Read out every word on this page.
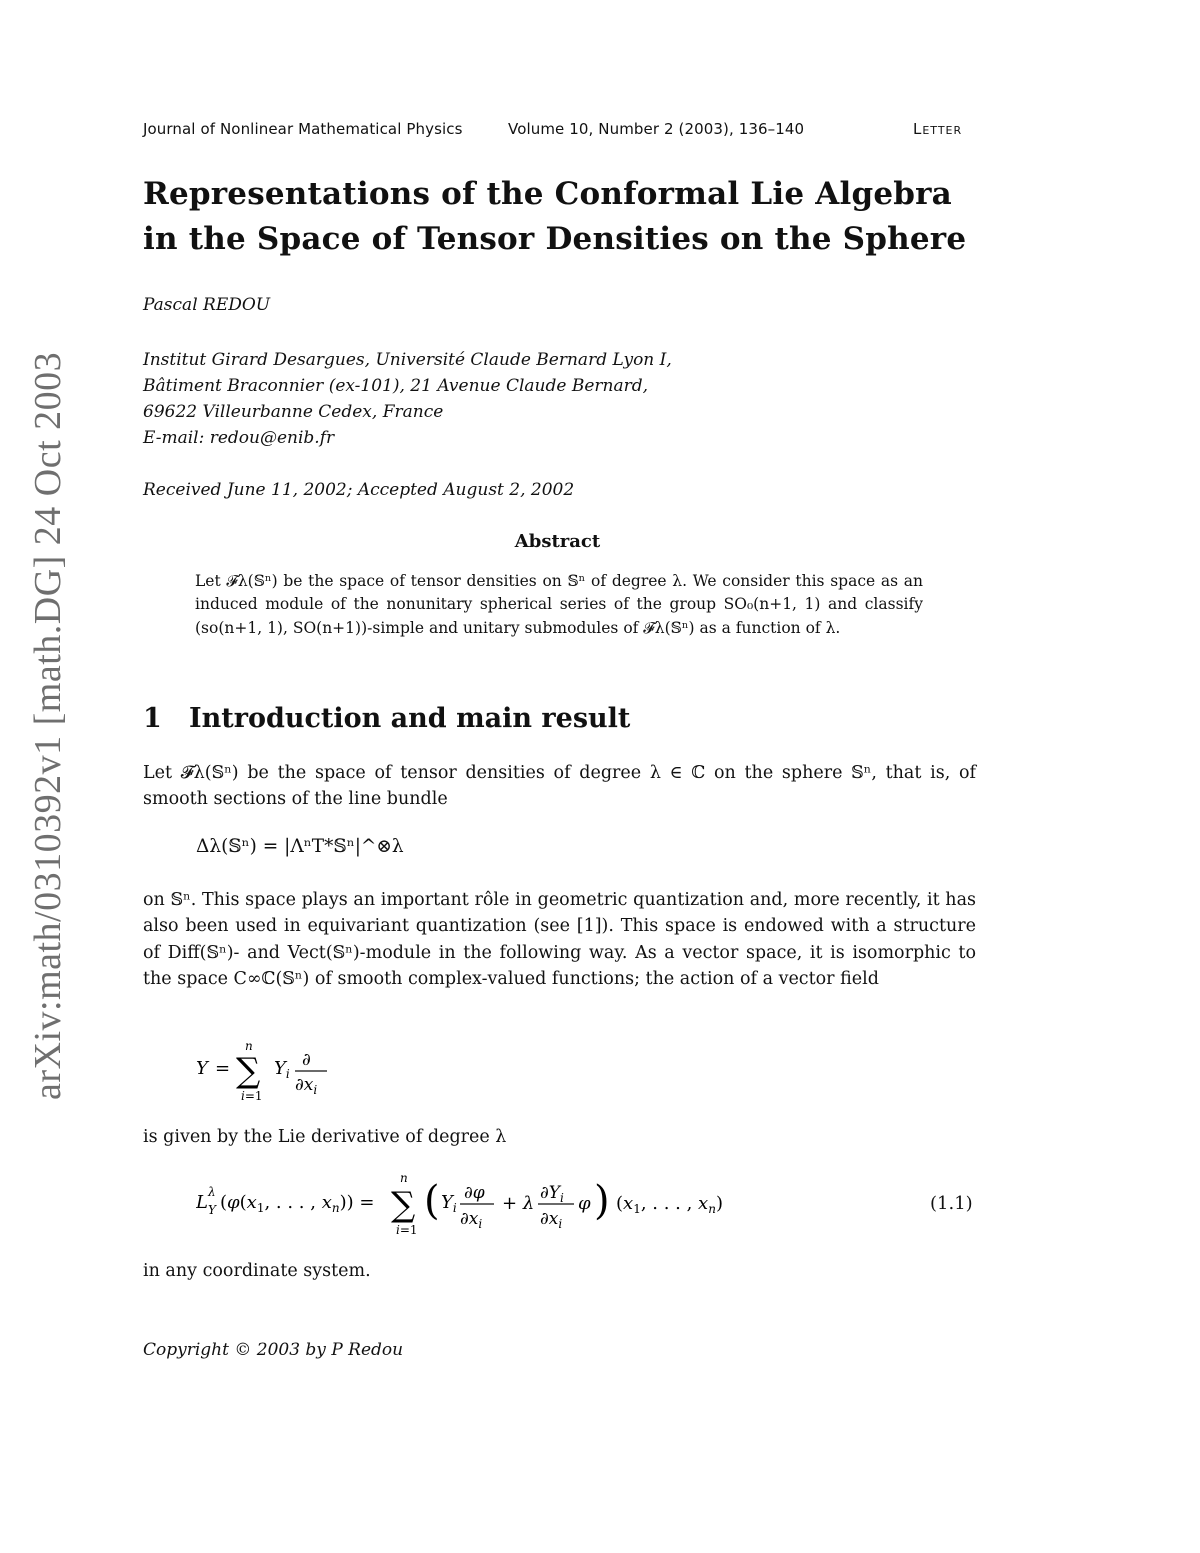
Journal of Nonlinear Mathematical Physics	Volume 10, Number 2 (2003), 136–140	Letter
Representations of the Conformal Lie Algebra
in the Space of Tensor Densities on the Sphere
Pascal REDOU
Institut Girard Desargues, Université Claude Bernard Lyon I,
Bâtiment Braconnier (ex-101), 21 Avenue Claude Bernard,
69622 Villeurbanne Cedex, France
E-mail: redou@enib.fr
Received June 11, 2002; Accepted August 2, 2002
Abstract
Let 𝓕λ(𝕊ⁿ) be the space of tensor densities on 𝕊ⁿ of degree λ. We consider this space as an induced module of the nonunitary spherical series of the group SO₀(n+1, 1) and classify (so(n+1, 1), SO(n+1))-simple and unitary submodules of 𝓕λ(𝕊ⁿ) as a function of λ.
1 Introduction and main result
Let 𝓕λ(𝕊ⁿ) be the space of tensor densities of degree λ ∈ ℂ on the sphere 𝕊ⁿ, that is, of smooth sections of the line bundle
Δλ(𝕊ⁿ) = |ΛⁿT*𝕊ⁿ|^⊗λ
on 𝕊ⁿ. This space plays an important rôle in geometric quantization and, more recently, it has also been used in equivariant quantization (see [1]). This space is endowed with a structure of Diff(𝕊ⁿ)- and Vect(𝕊ⁿ)-module in the following way. As a vector space, it is isomorphic to the space C∞ℂ(𝕊ⁿ) of smooth complex-valued functions; the action of a vector field
Y =
n
∑
i=1
$Y_i$
∂
$\partial x_i$
is given by the Lie derivative of degree λ
L λ
Y ($\varphi(x_1$, . . . , $x_n$)) =
n
∑
i=1
( $Y_i$
∂φ
$\partial x_i$
+ λ $\partial Y_i$
$\partial x_i$
φ ) ($x_1$, . . . , $x_n$)	(1.1)
in any coordinate system.
Copyright © 2003 by P Redou
arXiv:math/0310392v1 [math.DG] 24 Oct 2003
